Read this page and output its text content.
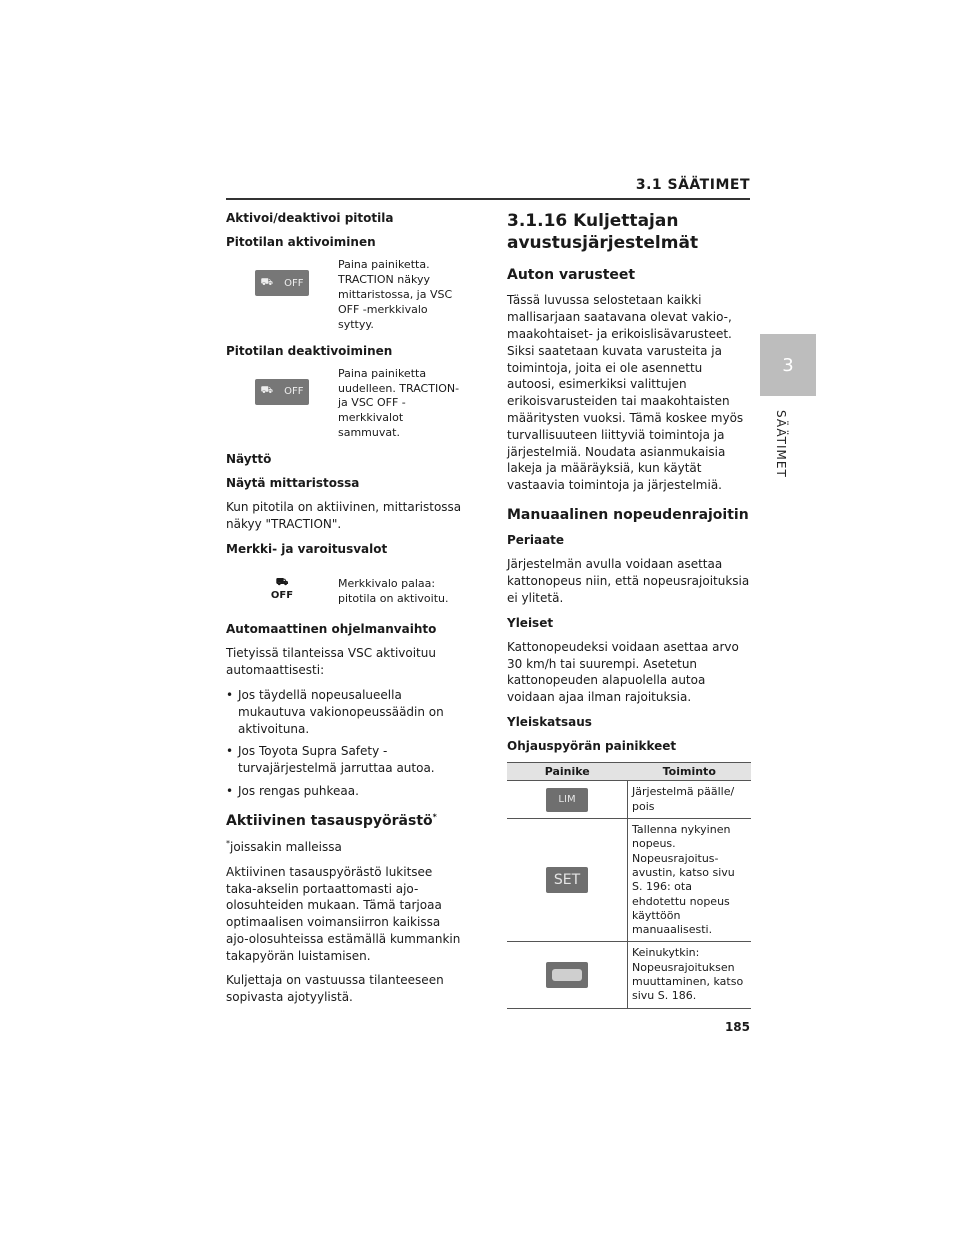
3.1 SÄÄTIMET
3
SÄÄTIMET
Aktivoi/deaktivoi pitotila
Pitotilan aktivoiminen
⛟ OFF
Paina painiketta. TRACTION näkyy mittaristossa, ja VSC OFF -merkkivalo syttyy.
Pitotilan deaktivoiminen
⛟ OFF
Paina painiketta uudelleen. TRACTION- ja VSC OFF -merkkivalot sammuvat.
Näyttö
Näytä mittaristossa
Kun pitotila on aktiivinen, mittaristossa näkyy "TRACTION".
Merkki- ja varoitusvalot
⛟
OFF
Merkkivalo palaa: pitotila on aktivoitu.
Automaattinen ohjelmanvaihto
Tietyissä tilanteissa VSC aktivoituu automaattisesti:
• Jos täydellä nopeusalueella mukautuva vakionopeussäädin on aktivoituna.
• Jos Toyota Supra Safety -turvajärjestelmä jarruttaa autoa.
• Jos rengas puhkeaa.
Aktiivinen tasauspyörästö*
*joissakin malleissa
Aktiivinen tasauspyörästö lukitsee taka-akselin portaattomasti ajo-olosuhteiden mukaan. Tämä tarjoaa optimaalisen voimansiirron kaikissa ajo-olosuhteissa estämällä kummankin takapyörän luistamisen.
Kuljettaja on vastuussa tilanteeseen sopivasta ajotyylistä.
3.1.16 Kuljettajan avustusjärjestelmät
Auton varusteet
Tässä luvussa selostetaan kaikki mallisarjaan saatavana olevat vakio-, maakohtaiset- ja erikoislisävarusteet. Siksi saatetaan kuvata varusteita ja toimintoja, joita ei ole asennettu autoosi, esimerkiksi valittujen erikoisvarusteiden tai maakohtaisten määritysten vuoksi. Tämä koskee myös turvallisuuteen liittyviä toimintoja ja järjestelmiä. Noudata asianmukaisia lakeja ja määräyksiä, kun käytät vastaavia toimintoja ja järjestelmiä.
Manuaalinen nopeudenrajoitin
Periaate
Järjestelmän avulla voidaan asettaa kattonopeus niin, että nopeusrajoituksia ei ylitetä.
Yleiset
Kattonopeudeksi voidaan asettaa arvo 30 km/h tai suurempi. Asetetun kattonopeuden alapuolella autoa voidaan ajaa ilman rajoituksia.
Yleiskatsaus
Ohjauspyörän painikkeet
Painike	Toiminto
LIM	Järjestelmä päälle/ pois
SET	Tallenna nykyinen nopeus. Nopeusrajoitus-avustin, katso sivu S. 196: ota ehdotettu nopeus käyttöön manuaalisesti.

	Keinukytkin: Nopeusrajoituksen muuttaminen, katso sivu S. 186.
185
